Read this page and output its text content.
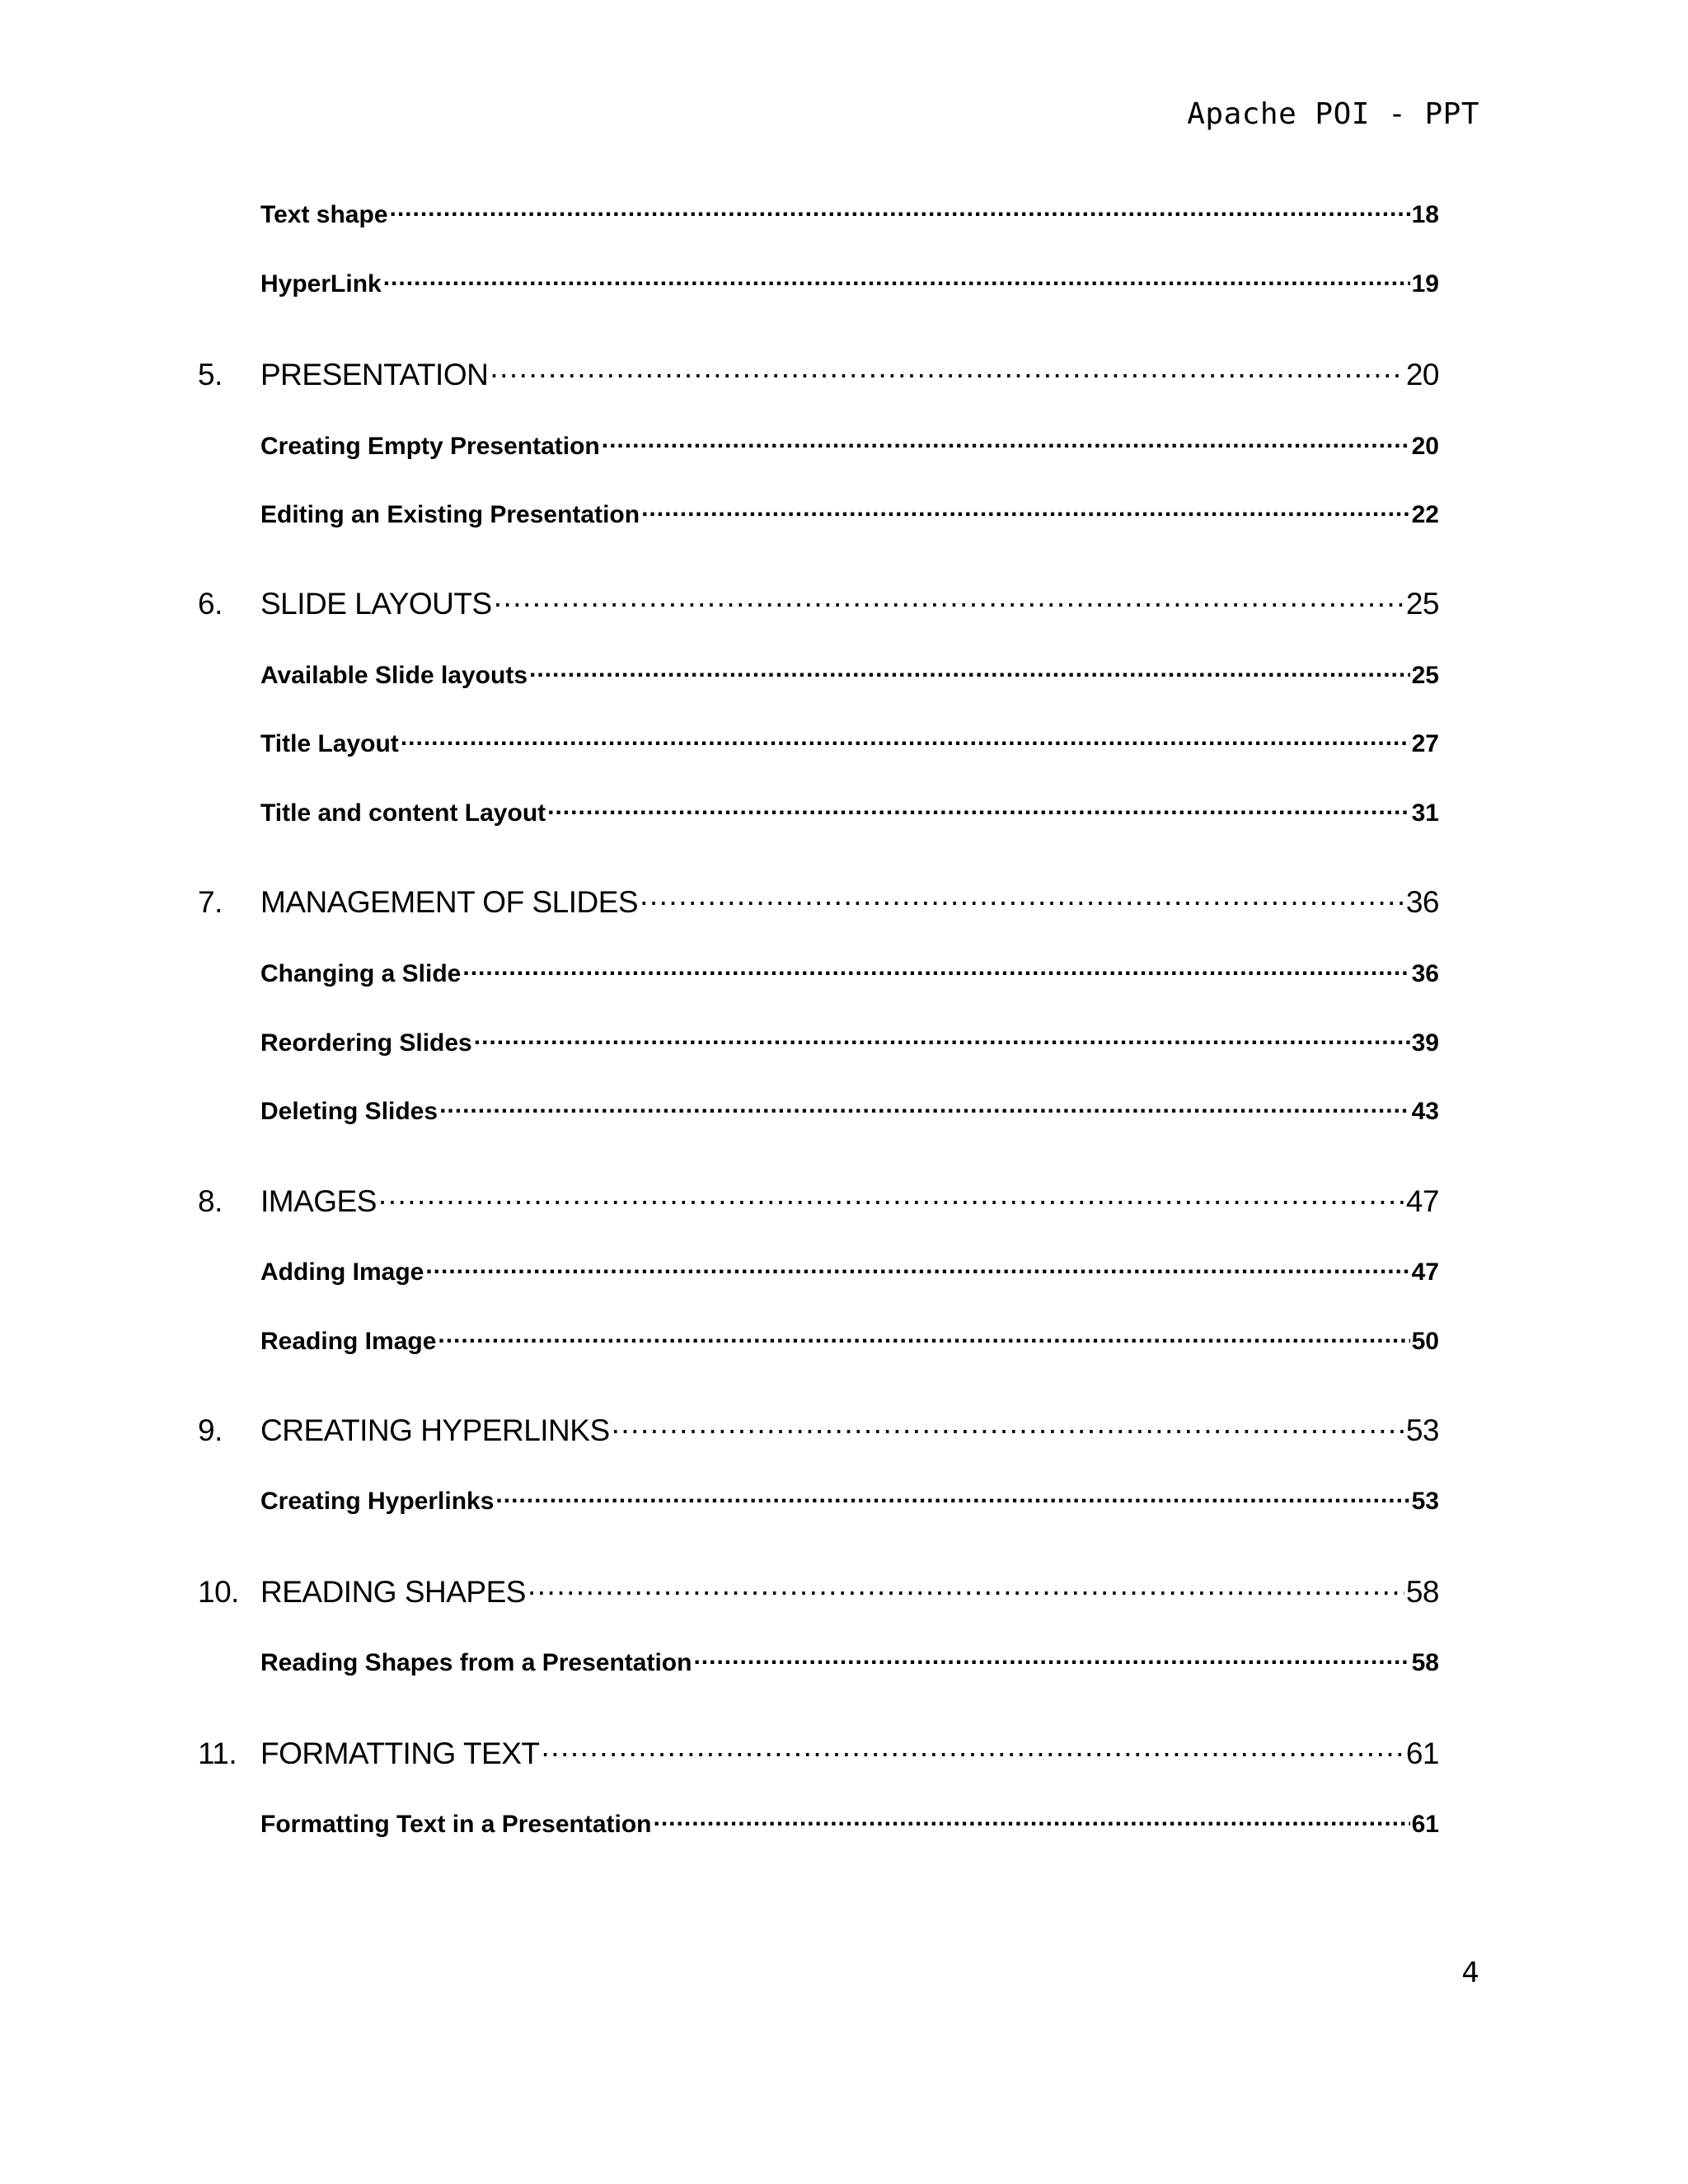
Apache POI - PPT
Text shape .....	18
HyperLink .....	19
5.	PRESENTATION .....	20
Creating Empty Presentation .....	20
Editing an Existing Presentation .....	22
6.	SLIDE LAYOUTS .....	25
Available Slide layouts .....	25
Title Layout .....	27
Title and content Layout .....	31
7.	MANAGEMENT OF SLIDES .....	36
Changing a Slide .....	36
Reordering Slides .....	39
Deleting Slides .....	43
8.	IMAGES .....	47
Adding Image .....	47
Reading Image .....	50
9.	CREATING HYPERLINKS .....	53
Creating Hyperlinks .....	53
10. READING SHAPES .....	58
Reading Shapes from a Presentation .....	58
11. FORMATTING TEXT .....	61
Formatting Text in a Presentation .....	61
4
